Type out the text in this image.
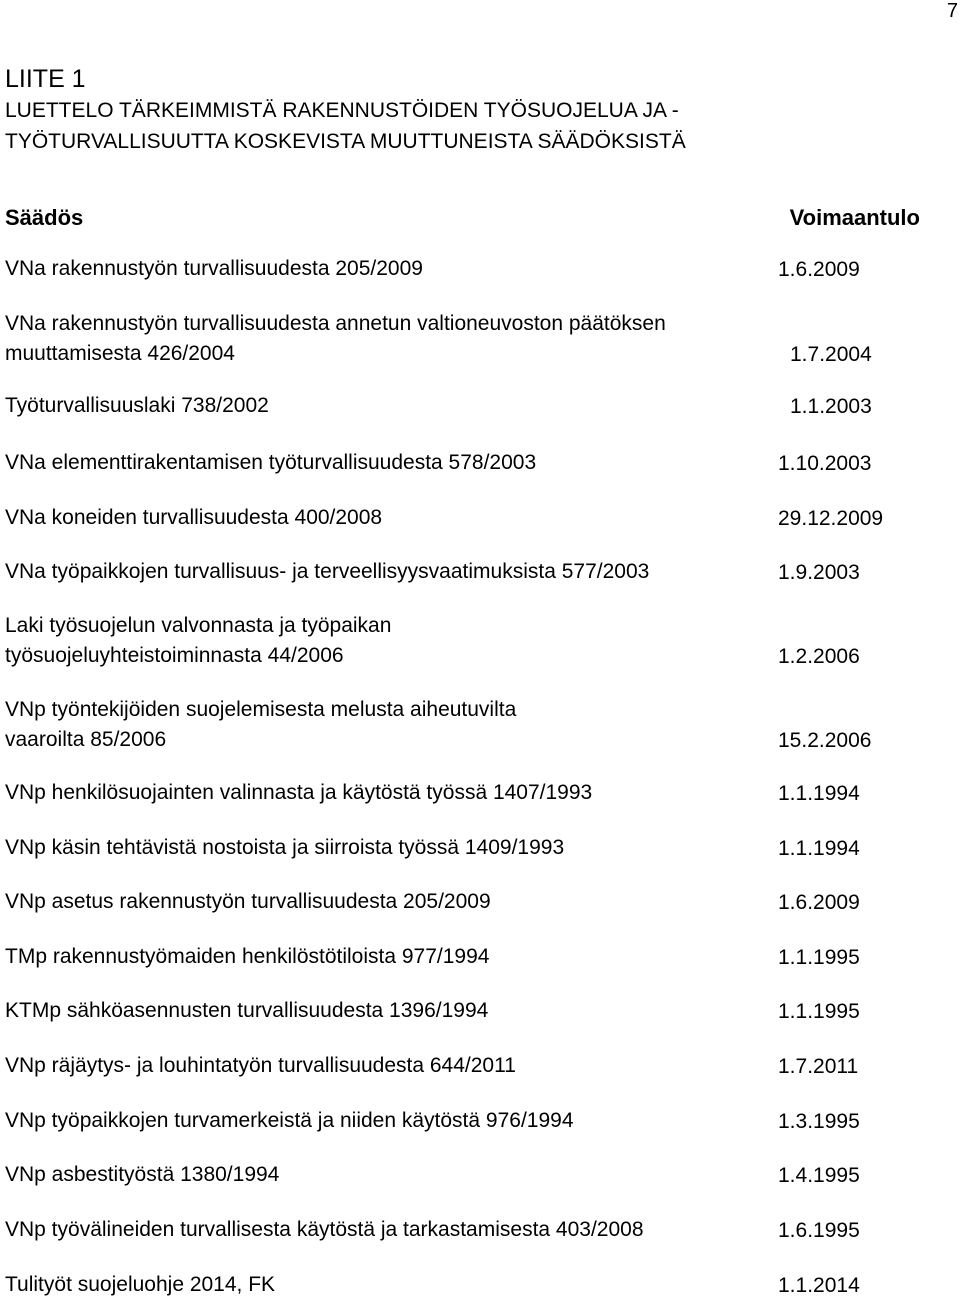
7
LIITE 1
LUETTELO TÄRKEIMMISTÄ RAKENNUSTÖIDEN TYÖSUOJELUA JA -
TYÖTURVALLISUUTTA KOSKEVISTA MUUTTUNEISTA SÄÄDÖKSISTÄ
Säädös	Voimaantulo
VNa rakennustyön turvallisuudesta 205/2009	1.6.2009
VNa rakennustyön turvallisuudesta annetun valtioneuvoston päätöksen
muuttamisesta 426/2004	1.7.2004
Työturvallisuuslaki 738/2002	1.1.2003
VNa elementtirakentamisen työturvallisuudesta 578/2003	1.10.2003
VNa koneiden turvallisuudesta 400/2008	29.12.2009
VNa työpaikkojen turvallisuus- ja terveellisyysvaatimuksista 577/2003	1.9.2003
Laki työsuojelun valvonnasta ja työpaikan
työsuojeluyhteistoiminnasta 44/2006	1.2.2006
VNp työntekijöiden suojelemisesta melusta aiheutuvilta
vaaroilta 85/2006	15.2.2006
VNp henkilösuojainten valinnasta ja käytöstä työssä 1407/1993	1.1.1994
VNp käsin tehtävistä nostoista ja siirroista työssä 1409/1993	1.1.1994
VNp asetus rakennustyön turvallisuudesta 205/2009	1.6.2009
TMp rakennustyömaiden henkilöstötiloista 977/1994	1.1.1995
KTMp sähköasennusten turvallisuudesta 1396/1994	1.1.1995
VNp räjäytys- ja louhintatyön turvallisuudesta 644/2011	1.7.2011
VNp työpaikkojen turvamerkeistä ja niiden käytöstä 976/1994	1.3.1995
VNp asbestityöstä 1380/1994	1.4.1995
VNp työvälineiden turvallisesta käytöstä ja tarkastamisesta 403/2008	1.6.1995
Tulityöt suojeluohje 2014, FK	1.1.2014
